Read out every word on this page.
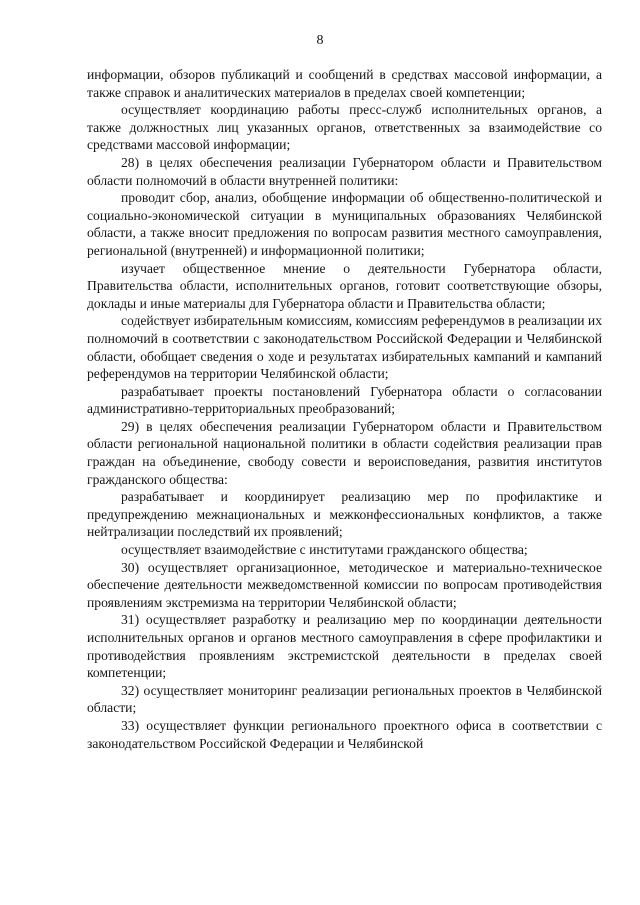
8

информации, обзоров публикаций и сообщений в средствах массовой информации, а также справок и аналитических материалов в пределах своей компетенции;

осуществляет координацию работы пресс-служб исполнительных органов, а также должностных лиц указанных органов, ответственных за взаимодействие со средствами массовой информации;

28) в целях обеспечения реализации Губернатором области и Правительством области полномочий в области внутренней политики:

проводит сбор, анализ, обобщение информации об общественно-политической и социально-экономической ситуации в муниципальных образованиях Челябинской области, а также вносит предложения по вопросам развития местного самоуправления, региональной (внутренней) и информационной политики;

изучает общественное мнение о деятельности Губернатора области, Правительства области, исполнительных органов, готовит соответствующие обзоры, доклады и иные материалы для Губернатора области и Правительства области;

содействует избирательным комиссиям, комиссиям референдумов в реализации их полномочий в соответствии с законодательством Российской Федерации и Челябинской области, обобщает сведения о ходе и результатах избирательных кампаний и кампаний референдумов на территории Челябинской области;

разрабатывает проекты постановлений Губернатора области о согласовании административно-территориальных преобразований;

29) в целях обеспечения реализации Губернатором области и Правительством области региональной национальной политики в области содействия реализации прав граждан на объединение, свободу совести и вероисповедания, развития институтов гражданского общества:

разрабатывает и координирует реализацию мер по профилактике и предупреждению межнациональных и межконфессиональных конфликтов, а также нейтрализации последствий их проявлений;

осуществляет взаимодействие с институтами гражданского общества;

30) осуществляет организационное, методическое и материально-техническое обеспечение деятельности межведомственной комиссии по вопросам противодействия проявлениям экстремизма на территории Челябинской области;

31) осуществляет разработку и реализацию мер по координации деятельности исполнительных органов и органов местного самоуправления в сфере профилактики и противодействия проявлениям экстремистской деятельности в пределах своей компетенции;

32) осуществляет мониторинг реализации региональных проектов в Челябинской области;

33) осуществляет функции регионального проектного офиса в соответствии с законодательством Российской Федерации и Челябинской
